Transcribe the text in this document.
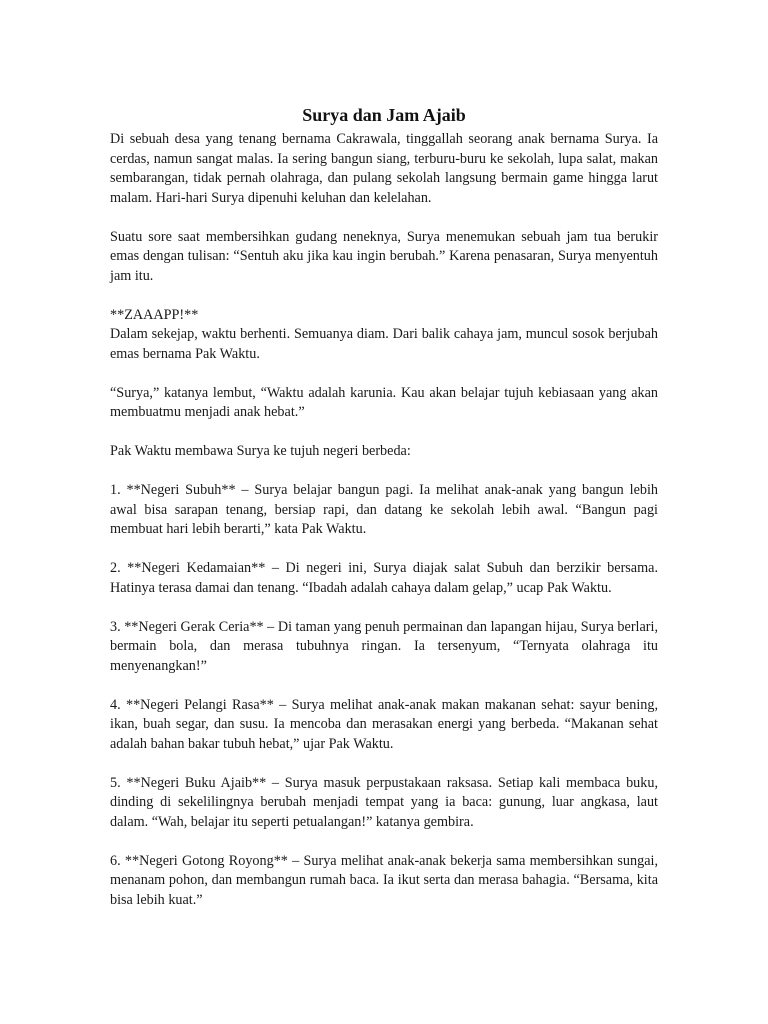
Surya dan Jam Ajaib

Di sebuah desa yang tenang bernama Cakrawala, tinggallah seorang anak bernama Surya. Ia cerdas, namun sangat malas. Ia sering bangun siang, terburu-buru ke sekolah, lupa salat, makan sembarangan, tidak pernah olahraga, dan pulang sekolah langsung bermain game hingga larut malam. Hari-hari Surya dipenuhi keluhan dan kelelahan.

Suatu sore saat membersihkan gudang neneknya, Surya menemukan sebuah jam tua berukir emas dengan tulisan: “Sentuh aku jika kau ingin berubah.” Karena penasaran, Surya menyentuh jam itu.

**ZAAAPP!**
Dalam sekejap, waktu berhenti. Semuanya diam. Dari balik cahaya jam, muncul sosok berjubah emas bernama Pak Waktu.

“Surya,” katanya lembut, “Waktu adalah karunia. Kau akan belajar tujuh kebiasaan yang akan membuatmu menjadi anak hebat.”

Pak Waktu membawa Surya ke tujuh negeri berbeda:

1. **Negeri Subuh** – Surya belajar bangun pagi. Ia melihat anak-anak yang bangun lebih awal bisa sarapan tenang, bersiap rapi, dan datang ke sekolah lebih awal. “Bangun pagi membuat hari lebih berarti,” kata Pak Waktu.

2. **Negeri Kedamaian** – Di negeri ini, Surya diajak salat Subuh dan berzikir bersama. Hatinya terasa damai dan tenang. “Ibadah adalah cahaya dalam gelap,” ucap Pak Waktu.

3. **Negeri Gerak Ceria** – Di taman yang penuh permainan dan lapangan hijau, Surya berlari, bermain bola, dan merasa tubuhnya ringan. Ia tersenyum, “Ternyata olahraga itu menyenangkan!”

4. **Negeri Pelangi Rasa** – Surya melihat anak-anak makan makanan sehat: sayur bening, ikan, buah segar, dan susu. Ia mencoba dan merasakan energi yang berbeda. “Makanan sehat adalah bahan bakar tubuh hebat,” ujar Pak Waktu.

5. **Negeri Buku Ajaib** – Surya masuk perpustakaan raksasa. Setiap kali membaca buku, dinding di sekelilingnya berubah menjadi tempat yang ia baca: gunung, luar angkasa, laut dalam. “Wah, belajar itu seperti petualangan!” katanya gembira.

6. **Negeri Gotong Royong** – Surya melihat anak-anak bekerja sama membersihkan sungai, menanam pohon, dan membangun rumah baca. Ia ikut serta dan merasa bahagia. “Bersama, kita bisa lebih kuat.”
